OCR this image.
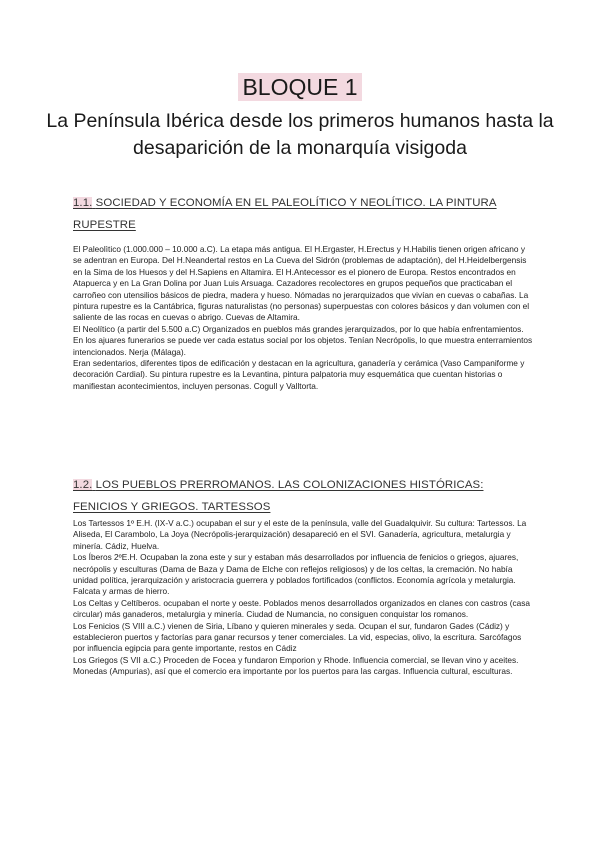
BLOQUE 1
La Península Ibérica desde los primeros humanos hasta la desaparición de la monarquía visigoda
1.1. SOCIEDAD Y ECONOMÍA EN EL PALEOLÍTICO Y NEOLÍTICO. LA PINTURA RUPESTRE

El Paleolìtico (1.000.000 – 10.000 a.C). La etapa más antigua. El H.Ergaster, H.Erectus y H.Habilis tienen origen africano y se adentran en Europa. Del H.Neandertal restos en La Cueva del Sidrón (problemas de adaptación), del H.Heidelbergensis en la Sima de los Huesos y del H.Sapiens en Altamira. El H.Antecessor es el pionero de Europa. Restos encontrados en Atapuerca y en La Gran Dolina por Juan Luis Arsuaga. Cazadores recolectores en grupos pequeños que practicaban el carroñeo con utensilios básicos de piedra, madera y hueso. Nómadas no jerarquizados que vivían en cuevas o cabañas. La pintura rupestre es la Cantábrica, figuras naturalistas (no personas) superpuestas con colores básicos y dan volumen con el saliente de las rocas en cuevas o abrigo. Cuevas de Altamira.

El Neolítico (a partir del 5.500 a.C) Organizados en pueblos más grandes jerarquizados, por lo que había enfrentamientos. En los ajuares funerarios se puede ver cada estatus social por los objetos. Tenían Necrópolis, lo que muestra enterramientos intencionados. Nerja (Málaga).

Eran sedentarios, diferentes tipos de edificación y destacan en la agricultura, ganadería y cerámica (Vaso Campaniforme y decoración Cardial). Su pintura rupestre es la Levantina, pintura palpatoria muy esquemática que cuentan historias o manifiestan acontecimientos, incluyen personas. Cogull y Valltorta.

1.2. LOS PUEBLOS PRERROMANOS. LAS COLONIZACIONES HISTÓRICAS: FENICIOS Y GRIEGOS. TARTESSOS

Los Tartessos 1º E.H. (IX-V a.C.) ocupaban el sur y el este de la península, valle del Guadalquivir. Su cultura: Tartessos. La Aliseda, El Carambolo, La Joya (Necrópolis-jerarquización) desapareció en el SVI. Ganadería, agricultura, metalurgia y minería. Cádiz, Huelva.

Los Íberos 2ºE.H. Ocupaban la zona este y sur y estaban más desarrollados por influencia de fenicios o griegos, ajuares, necrópolis y esculturas (Dama de Baza y Dama de Elche con reflejos religiosos) y de los celtas, la cremación. No había unidad política, jerarquización y aristocracia guerrera y poblados fortificados (conflictos. Economía agrícola y metalurgia. Falcata y armas de hierro.

Los Celtas y Celtíberos. ocupaban el norte y oeste. Poblados menos desarrollados organizados en clanes con castros (casa circular) más ganaderos, metalurgia y minería. Ciudad de Numancia, no consiguen conquistar los romanos.

Los Fenicios (S VIII a.C.) vienen de Siria, Líbano y quieren minerales y seda. Ocupan el sur, fundaron Gades (Cádiz) y establecieron puertos y factorías para ganar recursos y tener comerciales. La vid, especias, olivo, la escritura. Sarcófagos por influencia egipcia para gente importante, restos en Cádiz

Los Griegos (S VII a.C.) Proceden de Focea y fundaron Emporion y Rhode. Influencia comercial, se llevan vino y aceites. Monedas (Ampurias), así que el comercio era importante por los puertos para las cargas. Influencia cultural, esculturas.
